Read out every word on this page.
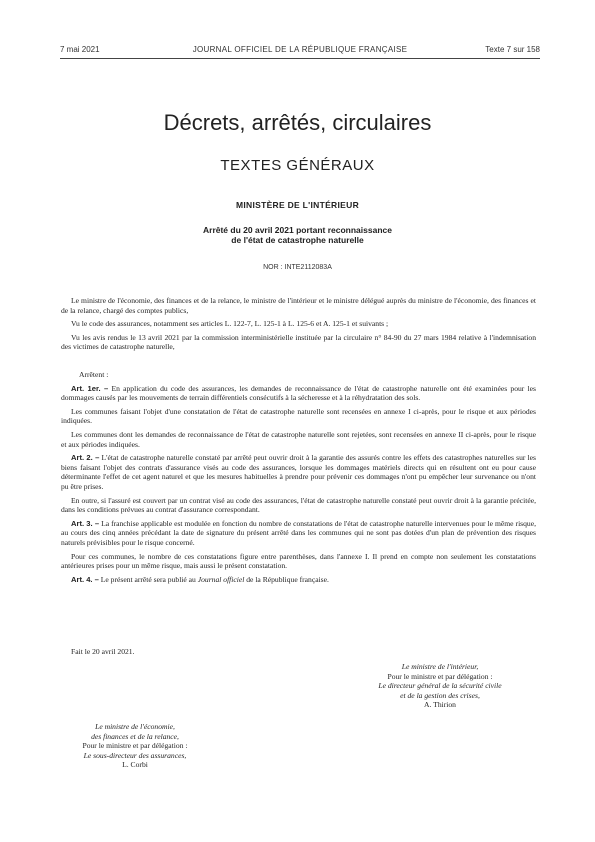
7 mai 2021	JOURNAL OFFICIEL DE LA RÉPUBLIQUE FRANÇAISE	Texte 7 sur 158
Décrets, arrêtés, circulaires
TEXTES GÉNÉRAUX
MINISTÈRE DE L'INTÉRIEUR
Arrêté du 20 avril 2021 portant reconnaissance
de l'état de catastrophe naturelle
NOR : INTE2112083A

Le ministre de l'économie, des finances et de la relance, le ministre de l'intérieur et le ministre délégué auprès du ministre de l'économie, des finances et de la relance, chargé des comptes publics,

Vu le code des assurances, notamment ses articles L. 122-7, L. 125-1 à L. 125-6 et A. 125-1 et suivants ;

Vu les avis rendus le 13 avril 2021 par la commission interministérielle instituée par la circulaire n° 84-90 du 27 mars 1984 relative à l'indemnisation des victimes de catastrophe naturelle,

Arrêtent :

Art. 1er. – En application du code des assurances, les demandes de reconnaissance de l'état de catastrophe naturelle ont été examinées pour les dommages causés par les mouvements de terrain différentiels consécutifs à la sécheresse et à la réhydratation des sols.

Les communes faisant l'objet d'une constatation de l'état de catastrophe naturelle sont recensées en annexe I ci-après, pour le risque et aux périodes indiquées.

Les communes dont les demandes de reconnaissance de l'état de catastrophe naturelle sont rejetées, sont recensées en annexe II ci-après, pour le risque et aux périodes indiquées.

Art. 2. – L'état de catastrophe naturelle constaté par arrêté peut ouvrir droit à la garantie des assurés contre les effets des catastrophes naturelles sur les biens faisant l'objet des contrats d'assurance visés au code des assurances, lorsque les dommages matériels directs qui en résultent ont eu pour cause déterminante l'effet de cet agent naturel et que les mesures habituelles à prendre pour prévenir ces dommages n'ont pu empêcher leur survenance ou n'ont pu être prises.

En outre, si l'assuré est couvert par un contrat visé au code des assurances, l'état de catastrophe naturelle constaté peut ouvrir droit à la garantie précitée, dans les conditions prévues au contrat d'assurance correspondant.

Art. 3. – La franchise applicable est modulée en fonction du nombre de constatations de l'état de catastrophe naturelle intervenues pour le même risque, au cours des cinq années précédant la date de signature du présent arrêté dans les communes qui ne sont pas dotées d'un plan de prévention des risques naturels prévisibles pour le risque concerné.

Pour ces communes, le nombre de ces constatations figure entre parenthèses, dans l'annexe I. Il prend en compte non seulement les constatations antérieures prises pour un même risque, mais aussi le présent constatation.

Art. 4. – Le présent arrêté sera publié au Journal officiel de la République française.

Fait le 20 avril 2021.
Le ministre de l'intérieur,
Pour le ministre et par délégation :
Le directeur général de la sécurité civile
et de la gestion des crises,
A. Thirion
Le ministre de l'économie,
des finances et de la relance,
Pour le ministre et par délégation :
Le sous-directeur des assurances,
L. Corbi
